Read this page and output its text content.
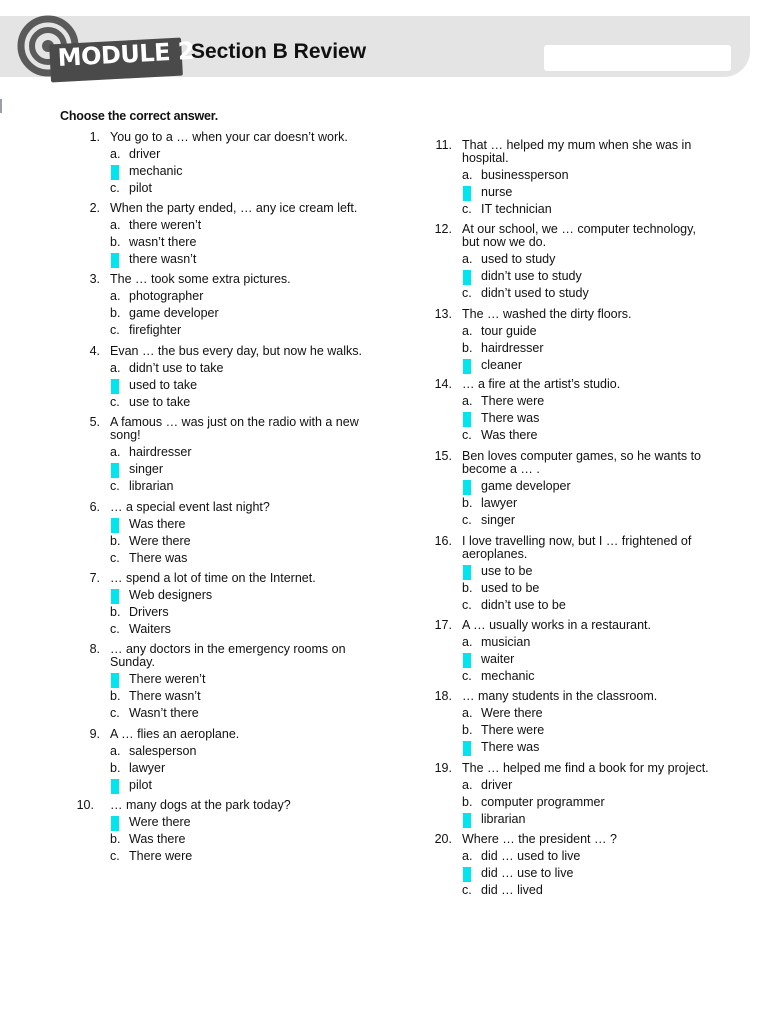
MODULE 2
Section B Review
Choose the correct answer.
1. You go to a … when your car doesn’t work.
a. driver
mechanic
c. pilot
2. When the party ended, … any ice cream left.
a. there weren’t
b. wasn’t there
there wasn’t
3. The … took some extra pictures.
a. photographer
b. game developer
c. firefighter
4. Evan … the bus every day, but now he walks.
a. didn’t use to take
used to take
c. use to take
5. A famous … was just on the radio with a new song!
a. hairdresser
singer
c. librarian
6. … a special event last night?
Was there
b. Were there
c. There was
7. … spend a lot of time on the Internet.
Web designers
b. Drivers
c. Waiters
8. … any doctors in the emergency rooms on Sunday.
There weren’t
b. There wasn’t
c. Wasn’t there
9. A … flies an aeroplane.
a. salesperson
b. lawyer
pilot
10. … many dogs at the park today?
Were there
b. Was there
c. There were
11. That … helped my mum when she was in hospital.
a. businessperson
nurse
c. IT technician
12. At our school, we … computer technology, but now we do.
a. used to study
didn’t use to study
c. didn’t used to study
13. The … washed the dirty floors.
a. tour guide
b. hairdresser
cleaner
14. … a fire at the artist’s studio.
a. There were
There was
c. Was there
15. Ben loves computer games, so he wants to become a … .
game developer
b. lawyer
c. singer
16. I love travelling now, but I … frightened of aeroplanes.
use to be
b. used to be
c. didn’t use to be
17. A … usually works in a restaurant.
a. musician
waiter
c. mechanic
18. … many students in the classroom.
a. Were there
b. There were
There was
19. The … helped me find a book for my project.
a. driver
b. computer programmer
librarian
20. Where … the president … ?
a. did … used to live
did … use to live
c. did … lived
